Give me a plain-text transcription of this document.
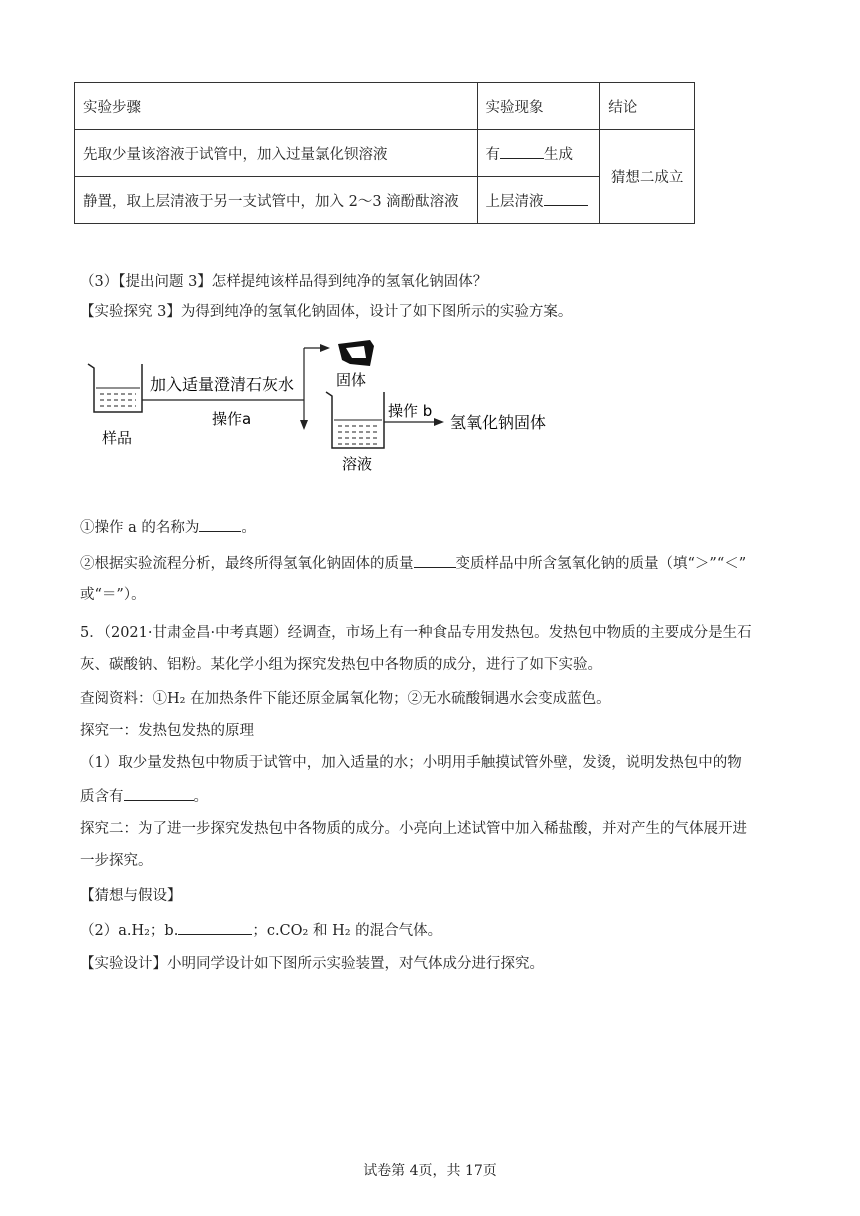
实验步骤	实验现象	结论
先取少量该溶液于试管中，加入过量氯化钡溶液	有 生成	猜想二成立
静置，取上层清液于另一支试管中，加入 2～3 滴酚酞溶液	上层清液	
（3）【提出问题 3】怎样提纯该样品得到纯净的氢氧化钠固体？
【实验探究 3】为得到纯净的氢氧化钠固体，设计了如下图所示的实验方案。
样品
加入适量澄清石灰水
操作a
固体
溶液
操作 b
氢氧化钠固体
①操作 a 的名称为	。
②根据实验流程分析，最终所得氢氧化钠固体的质量	变质样品中所含氢氧化钠的质量（填“＞”“＜”
或“＝”）。
5．（2021·甘肃金昌·中考真题）经调查，市场上有一种食品专用发热包。发热包中物质的主要成分是生石
灰、碳酸钠、铝粉。某化学小组为探究发热包中各物质的成分，进行了如下实验。
查阅资料：①H₂ 在加热条件下能还原金属氧化物；②无水硫酸铜遇水会变成蓝色。
探究一：发热包发热的原理
（1）取少量发热包中物质于试管中，加入适量的水；小明用手触摸试管外壁，发烫，说明发热包中的物
质含有	。
探究二：为了进一步探究发热包中各物质的成分。小亮向上述试管中加入稀盐酸，并对产生的气体展开进
一步探究。
【猜想与假设】
（2）a.H₂；b.	；c.CO₂ 和 H₂ 的混合气体。
【实验设计】小明同学设计如下图所示实验装置，对气体成分进行探究。
试卷第 4页，共 17页
